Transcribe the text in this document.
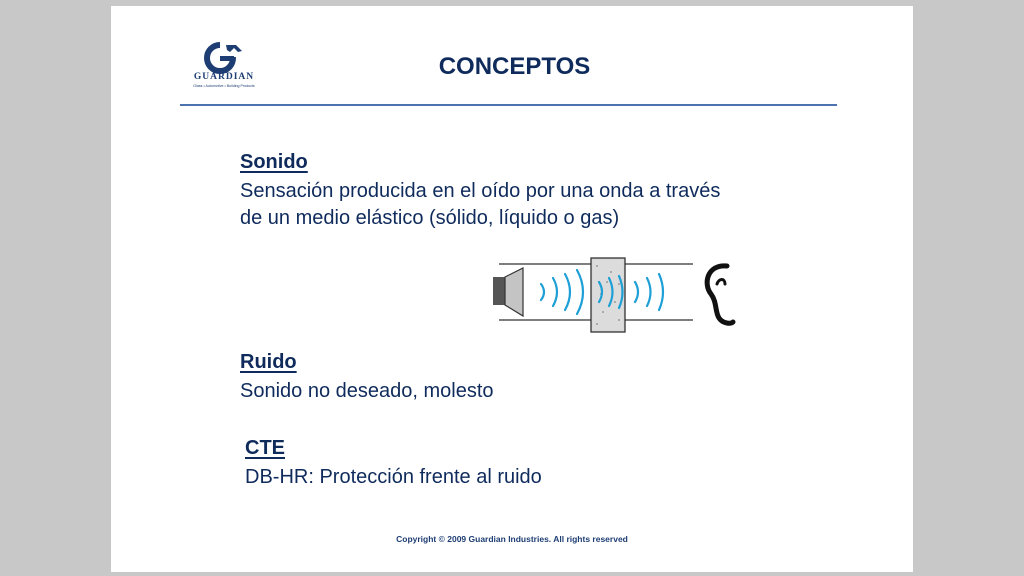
GUARDIAN
Glass • Automotive • Building Products
CONCEPTOS
Sonido
Sensación producida en el oído por una onda a través
de un medio elástico (sólido, líquido o gas)
Ruido
Sonido no deseado, molesto
CTE
DB-HR: Protección frente al ruido
Copyright © 2009 Guardian Industries. All rights reserved
